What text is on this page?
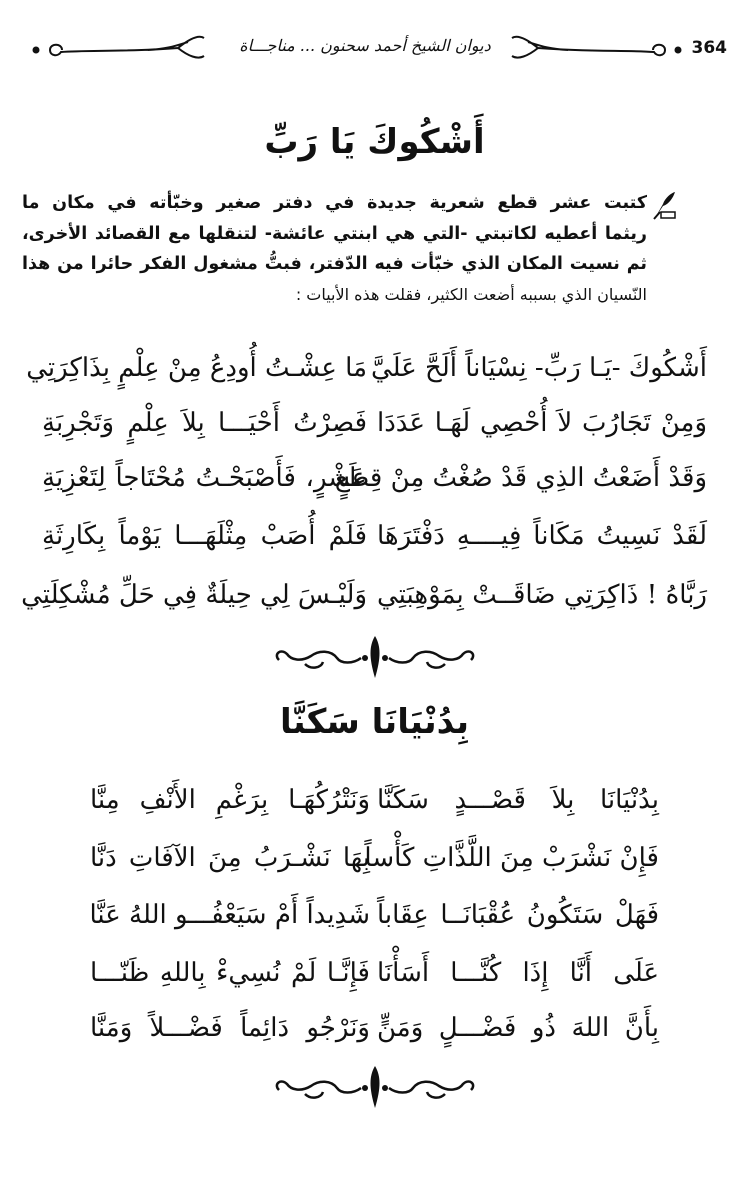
ديوان الشيخ أحمد سحنون ... مناجـــاة	364
أَشْكُوكَ يَا رَبِّ
كتبت عشر قطع شعرية جديدة في دفتر صغير وخبّأته في مكان ما
ريثما أعطيه لكاتبتي -التي هي ابنتي عائشة- لتنقلها مع القصائد الأخرى،
ثم نسيت المكان الذي خبّأت فيه الدّفتر، فبتُّ مشغول الفكر حائرا من هذا
النّسيان الذي بسببه أضعت الكثير، فقلت هذه الأبيات :
أَشْكُوكَ -يَـا رَبِّ- نِسْيَاناً أَلَحَّ عَلَيَّ
مَا عِشْـتُ أُودِعُ مِنْ عِلْمٍ بِذَاكِرَتِي
وَمِنْ تَجَارُبَ لاَ أُحْصِي لَهَـا عَدَدَا
فَصِرْتُ أَحْيَـــا بِلاَ عِلْمٍ وَتَجْرِبَةِ
وَقَدْ أَضَعْتُ الذِي قَدْ صُغْتُ مِنْ قِطَعٍ
عَشْرٍ، فَأَصْبَحْـتُ مُحْتَاجاً لِتَعْزِيَةِ
لَقَدْ نَسِيتُ مَكَاناً فِيــــهِ دَفْتَرَهَا
فَلَمْ أُصَبْ مِثْلَهَـــا يَوْماً بِكَارِثَةِ
رَبَّاهُ ! ذَاكِرَتِي ضَاقَــتْ بِمَوْهِبَتِي
وَلَيْـسَ لِي حِيلَةٌ فِي حَلِّ مُشْكِلَتِي
بِدُنْيَانَا سَكَنَّا
بِدُنْيَانَا بِلاَ قَصْـــدٍ سَكَنَّا
وَنَتْرُكُهَـا بِرَغْمِ الأَنْفِ مِنَّا
فَإِنْ نَشْرَبْ مِنَ اللَّذَّاتِ كَأْساً
بِهَا نَشْـرَبُ مِنَ الآفَاتِ دَنَّا
فَهَلْ سَتَكُونُ عُقْبَانَــا عِقَاباً
شَدِيداً أَمْ سَيَعْفُـــو اللهُ عَنَّا
عَلَى أَنَّا إِذَا كُنَّـــا أَسَأْنَا
فَإِنَّـا لَمْ نُسِيءْ بِاللهِ ظَنّـــا
بِأَنَّ اللهَ ذُو فَضْـــلٍ وَمَنٍّ
وَنَرْجُو دَائِماً فَضْـــلاً وَمَنَّا
